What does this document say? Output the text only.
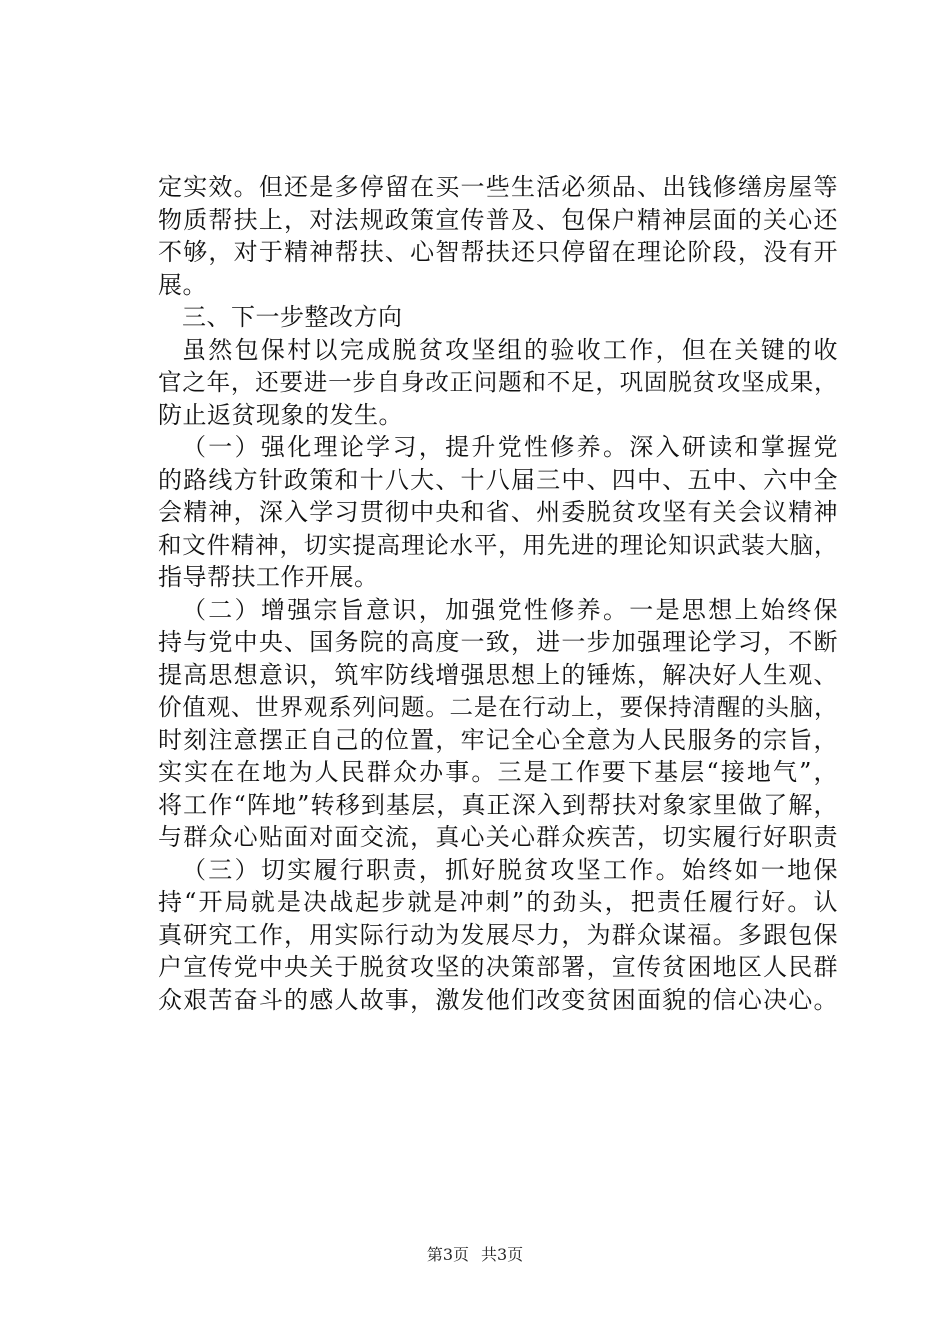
定实效。但还是多停留在买一些生活必须品、出钱修缮房屋等
物质帮扶上，对法规政策宣传普及、包保户精神层面的关心还
不够，对于精神帮扶、心智帮扶还只停留在理论阶段，没有开
展。
三、下一步整改方向
虽然包保村以完成脱贫攻坚组的验收工作，但在关键的收
官之年，还要进一步自身改正问题和不足，巩固脱贫攻坚成果，
防止返贫现象的发生。
（一）强化理论学习，提升党性修养。深入研读和掌握党
的路线方针政策和十八大、十八届三中、四中、五中、六中全
会精神，深入学习贯彻中央和省、州委脱贫攻坚有关会议精神
和文件精神，切实提高理论水平，用先进的理论知识武装大脑，
指导帮扶工作开展。
（二）增强宗旨意识，加强党性修养。一是思想上始终保
持与党中央、国务院的高度一致，进一步加强理论学习，不断
提高思想意识，筑牢防线增强思想上的锤炼，解决好人生观、
价值观、世界观系列问题。二是在行动上，要保持清醒的头脑，
时刻注意摆正自己的位置，牢记全心全意为人民服务的宗旨，
实实在在地为人民群众办事。三是工作要下基层“接地气”，
将工作“阵地”转移到基层，真正深入到帮扶对象家里做了解，
与群众心贴面对面交流，真心关心群众疾苦，切实履行好职责
（三）切实履行职责，抓好脱贫攻坚工作。始终如一地保
持“开局就是决战起步就是冲刺”的劲头，把责任履行好。认
真研究工作，用实际行动为发展尽力，为群众谋福。多跟包保
户宣传党中央关于脱贫攻坚的决策部署，宣传贫困地区人民群
众艰苦奋斗的感人故事，激发他们改变贫困面貌的信心决心。
第3页 共3页
